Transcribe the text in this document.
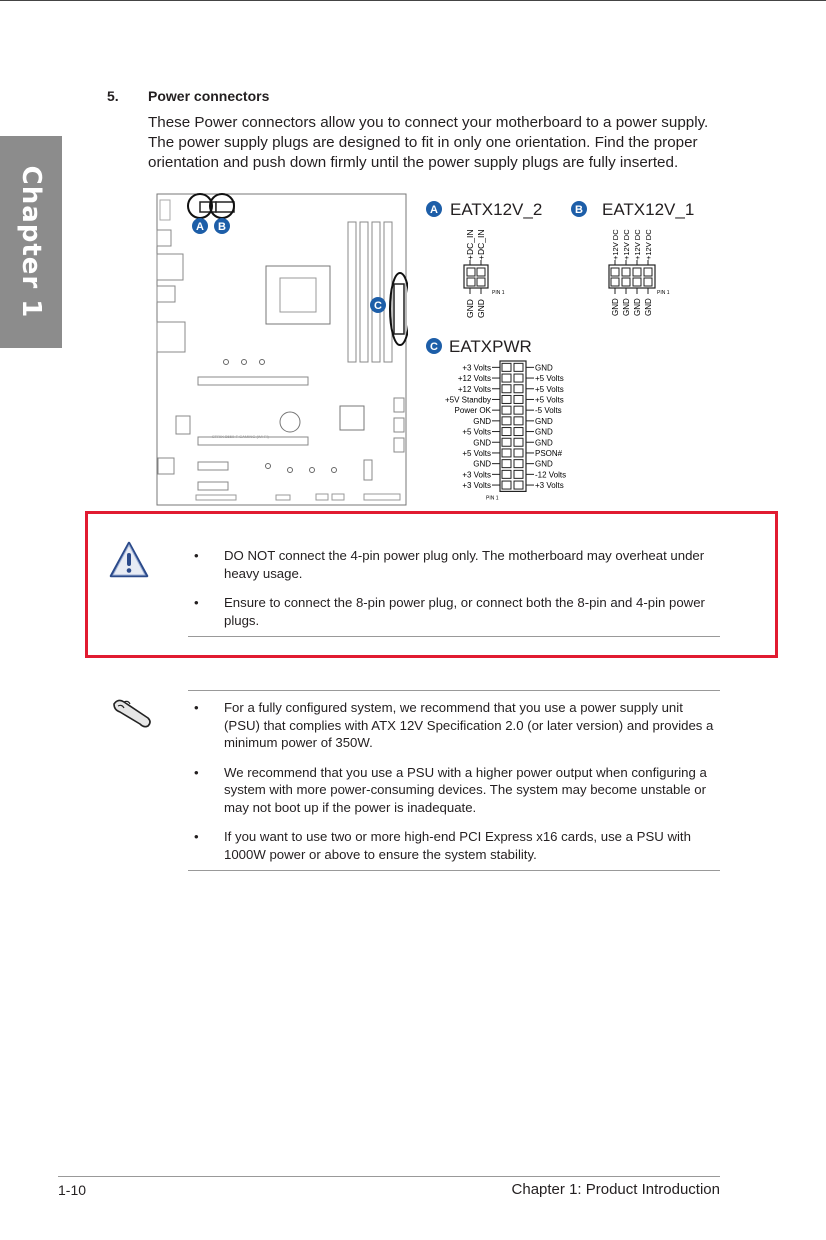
Chapter 1
5. Power connectors

These Power connectors allow you to connect your motherboard to a power supply. The power supply plugs are designed to fit in only one orientation. Find the proper orientation and push down firmly until the power supply plugs are fully inserted.

A B
C
STRIX B550-F GAMING (WI-FI)
A EATX12V_2
+DC_IN +DC_IN
GND GND
PIN 1
B EATX12V_1
+12V DC +12V DC +12V DC +12V DC
GND GND GND GND
PIN 1
C EATXPWR
+3 Volts	GND
+12 Volts	+5 Volts
+12 Volts	+5 Volts
+5V Standby	+5 Volts
Power OK	-5 Volts
GND	GND
+5 Volts	GND
GND	GND
+5 Volts	PSON#
GND	GND
+3 Volts	-12 Volts
+3 Volts	+3 Volts
PIN 1
• DO NOT connect the 4-pin power plug only. The motherboard may overheat under heavy usage.
• Ensure to connect the 8-pin power plug, or connect both the 8-pin and 4-pin power plugs.
• For a fully configured system, we recommend that you use a power supply unit (PSU) that complies with ATX 12V Specification 2.0 (or later version) and provides a minimum power of 350W.
• We recommend that you use a PSU with a higher power output when configuring a system with more power-consuming devices. The system may become unstable or may not boot up if the power is inadequate.
• If you want to use two or more high-end PCI Express x16 cards, use a PSU with 1000W power or above to ensure the system stability.
1-10	Chapter 1: Product Introduction
